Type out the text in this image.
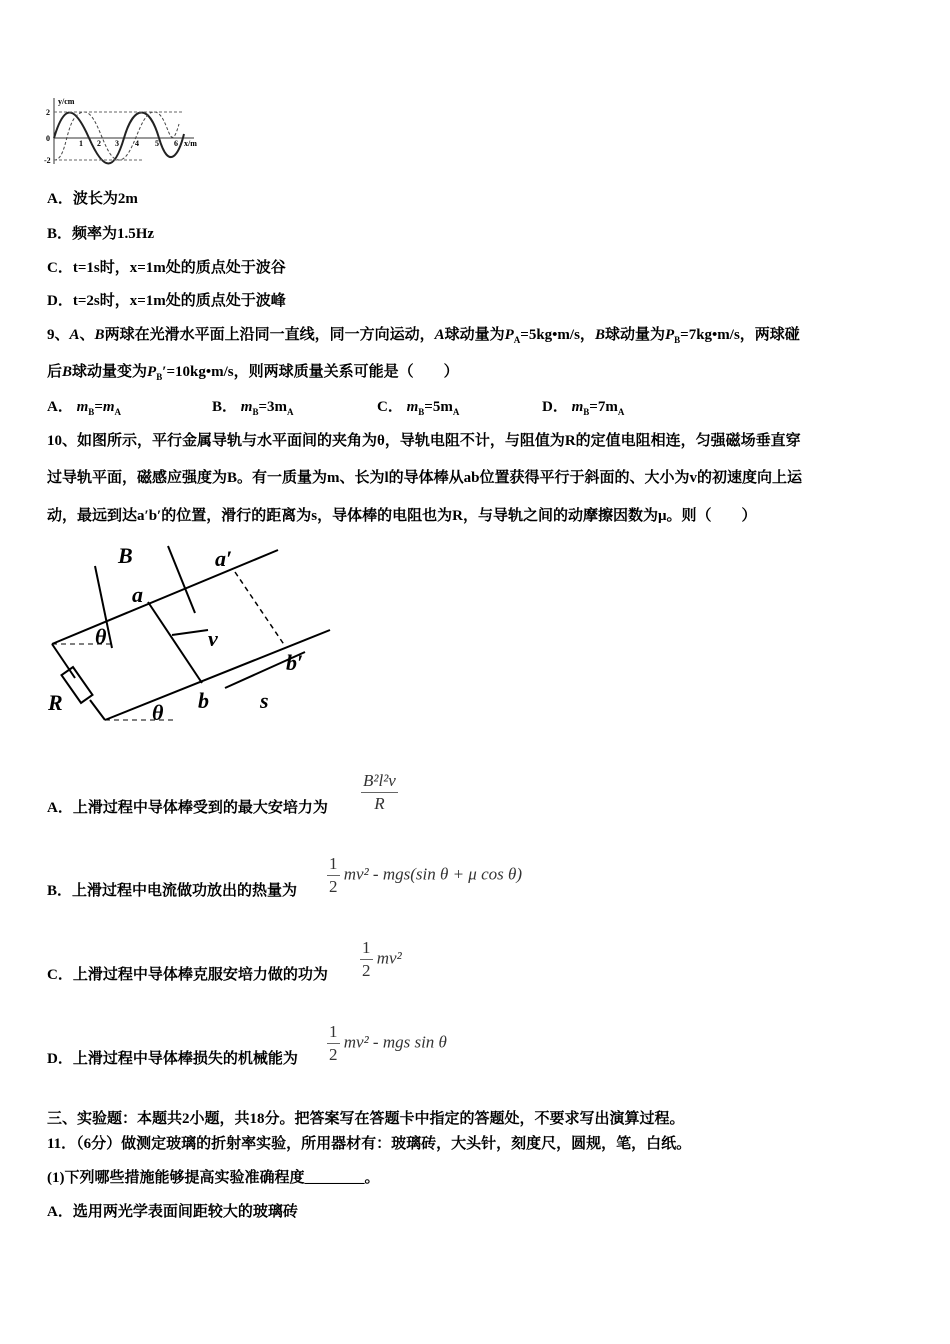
y/cm
x/m
2
0
-2
1 2 3 4 5 6
A．波长为2m
B．频率为1.5Hz
C．t=1s时，x=1m处的质点处于波谷
D．t=2s时，x=1m处的质点处于波峰
9、A、B两球在光滑水平面上沿同一直线，同一方向运动，A球动量为$P_A=5kg•m/s$，B球动量为$P_B=7kg•m/s$，两球碰
后B球动量变为$P_B'=10kg•m/s$，则两球质量关系可能是（　　）
A． $m_B=m_A$	B． $m_B=3m_A$	C． $m_B=5m_A$	D． $m_B=7m_A$
10、如图所示，平行金属导轨与水平面间的夹角为θ，导轨电阻不计，与阻值为R的定值电阻相连，匀强磁场垂直穿
过导轨平面，磁感应强度为B。有一质量为m、长为l的导体棒从ab位置获得平行于斜面的、大小为v的初速度向上运
动，最远到达a′b′的位置，滑行的距离为s，导体棒的电阻也为R，与导轨之间的动摩擦因数为μ。则（　　）
B
a
a′
θ	v
b′
R	b
θ	s
A．上滑过程中导体棒受到的最大安培力为 $\frac{\text{B²l²v}}{R}$
B．上滑过程中电流做功放出的热量为 $\frac{1}{2} mv^2 - mgs(\sin$ θ + μ cos θ)
C．上滑过程中导体棒克服安培力做的功为 $\frac{1}{2} mv^2$
D．上滑过程中导体棒损失的机械能为 $\frac{1}{2} mv^2$ - mgs sin θ
三、实验题：本题共2小题，共18分。把答案写在答题卡中指定的答题处，不要求写出演算过程。
11．（6分）做测定玻璃的折射率实验，所用器材有：玻璃砖，大头针，刻度尺，圆规，笔，白纸。
(1)下列哪些措施能够提高实验准确程度________。
A．选用两光学表面间距较大的玻璃砖
